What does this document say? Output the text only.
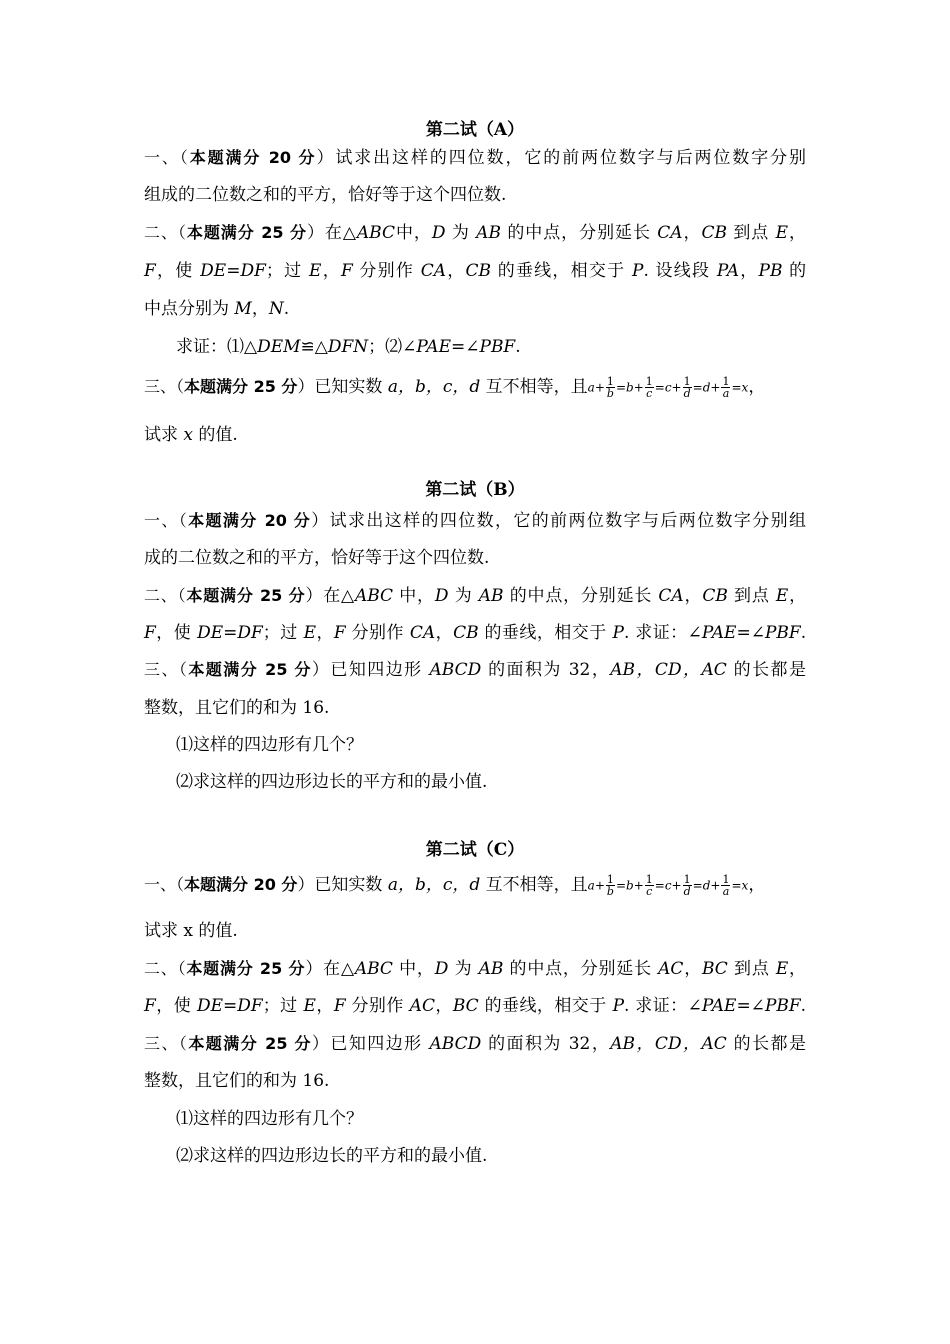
第二试（A）
一、（本题满分 20 分）试求出这样的四位数，它的前两位数字与后两位数字分别
组成的二位数之和的平方，恰好等于这个四位数.
二、（本题满分 25 分）在△ABC中，D 为 AB 的中点，分别延长 CA，CB 到点 E，
F，使 DE=DF；过 E，F 分别作 CA，CB 的垂线，相交于 P. 设线段 PA，PB 的
中点分别为 M，N.
求证：⑴△DEM≌△DFN；⑵∠PAE=∠PBF.
三、（本题满分 25 分）已知实数 a，b，c，d 互不相等，且$a+ \frac{1}{b} =b+ \frac{1}{c} =c+ \frac{1}{d} =d+ \frac{1}{a} =x$，
试求 x 的值.
第二试（B）
一、（本题满分 20 分）试求出这样的四位数，它的前两位数字与后两位数字分别组
成的二位数之和的平方，恰好等于这个四位数.
二、（本题满分 25 分）在△ABC 中，D 为 AB 的中点，分别延长 CA，CB 到点 E，
F，使 DE=DF；过 E，F 分别作 CA，CB 的垂线，相交于 P. 求证：∠PAE=∠PBF.
三、（本题满分 25 分）已知四边形 ABCD 的面积为 32，AB，CD，AC 的长都是
整数，且它们的和为 16.
⑴这样的四边形有几个？
⑵求这样的四边形边长的平方和的最小值.
第二试（C）
一、（本题满分 20 分）已知实数 a，b，c，d 互不相等，且$a+ \frac{1}{b} =b+ \frac{1}{c} =c+ \frac{1}{d} =d+ \frac{1}{a} =x$，
试求 x 的值.
二、（本题满分 25 分）在△ABC 中，D 为 AB 的中点，分别延长 AC，BC 到点 E，
F，使 DE=DF；过 E，F 分别作 AC，BC 的垂线，相交于 P. 求证：∠PAE=∠PBF.
三、（本题满分 25 分）已知四边形 ABCD 的面积为 32，AB，CD，AC 的长都是
整数，且它们的和为 16.
⑴这样的四边形有几个？
⑵求这样的四边形边长的平方和的最小值.
